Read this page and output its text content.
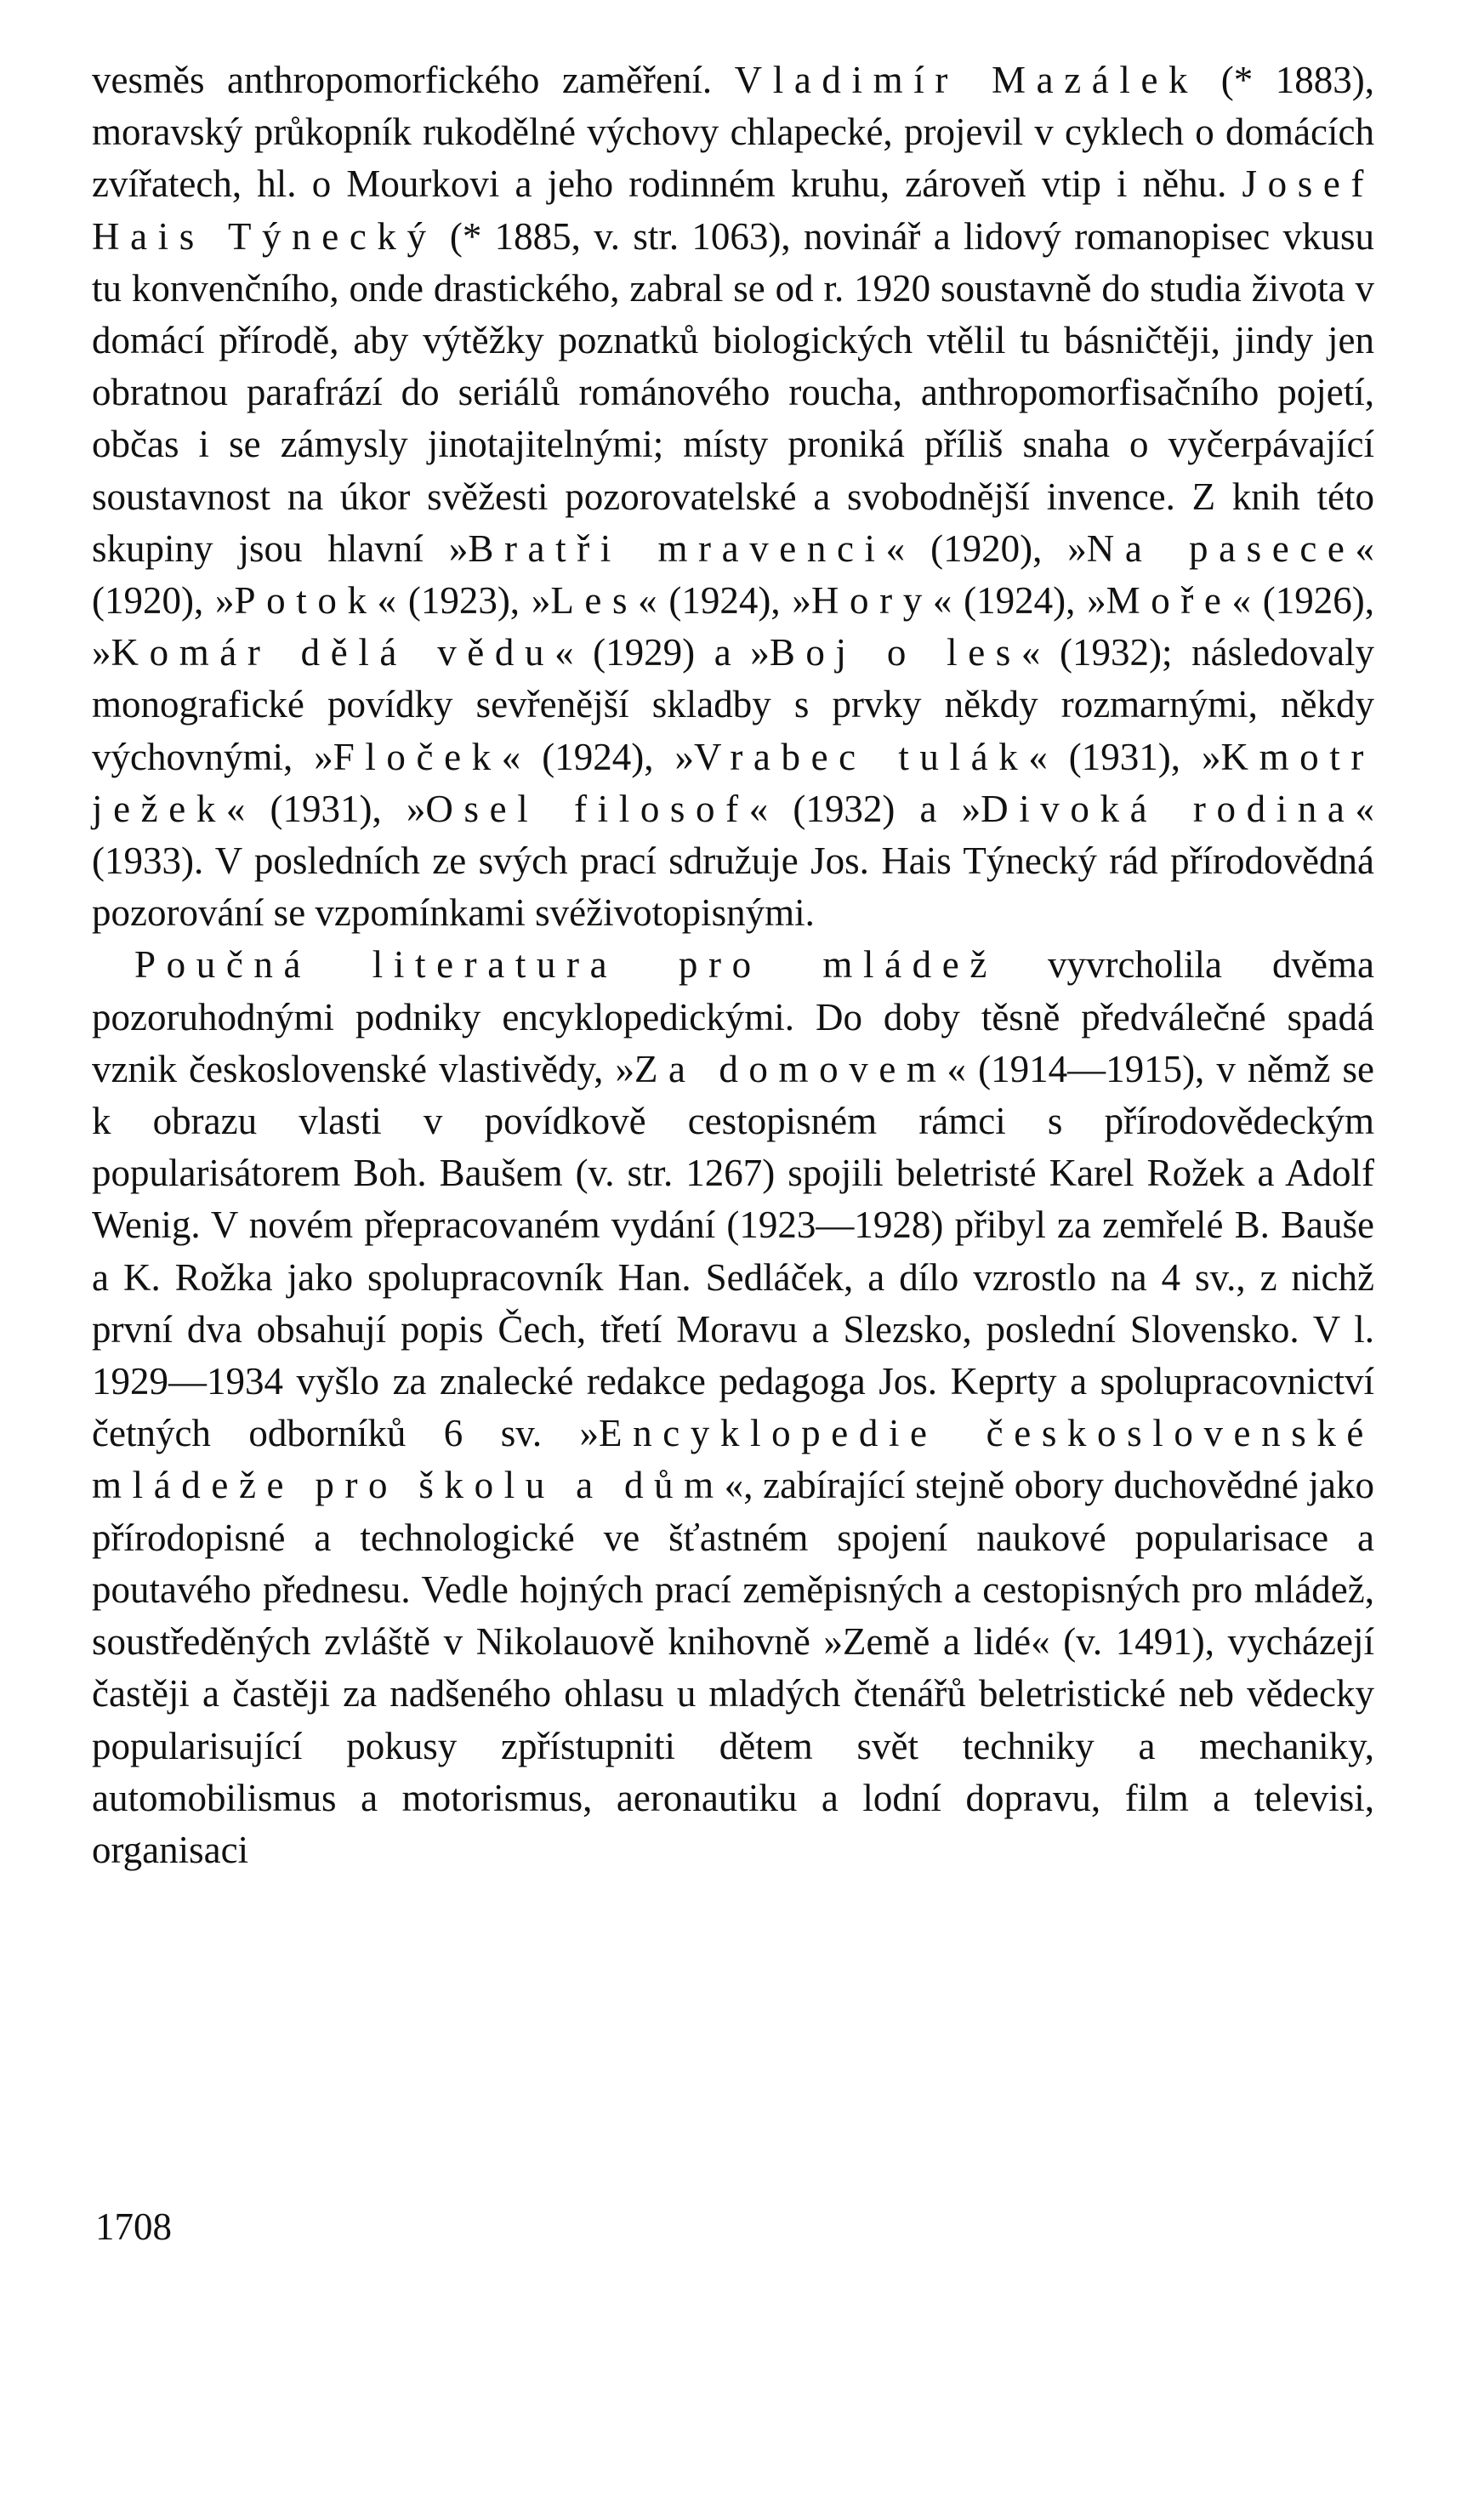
vesměs anthropomorfického zaměření. Vladimír Mazálek (* 1883), moravský průkopník rukodělné výchovy chlapecké, projevil v cyklech o domácích zvířatech, hl. o Mourkovi a jeho rodinném kruhu, zároveň vtip i něhu. Josef Hais Týnecký (* 1885, v. str. 1063), novinář a lidový romanopisec vkusu tu konvenčního, onde drastického, zabral se od r. 1920 soustavně do studia života v domácí přírodě, aby výtěžky poznatků biologických vtělil tu básničtěji, jindy jen obratnou parafrází do seriálů románového roucha, anthropomorfisačního pojetí, občas i se zámysly jinotajitelnými; místy proniká příliš snaha o vyčerpávající soustavnost na úkor svěžesti pozorovatelské a svobodnější invence. Z knih této skupiny jsou hlavní »Bratři mravenci« (1920), »Na pasece« (1920), »Potok« (1923), »Les« (1924), »Hory« (1924), »Moře« (1926), »Komár dělá vědu« (1929) a »Boj o les« (1932); následovaly monografické povídky sevřenější skladby s prvky někdy rozmarnými, někdy výchovnými, »Floček« (1924), »Vrabec tulák« (1931), »Kmotr ježek« (1931), »Osel filosof« (1932) a »Divoká rodina« (1933). V posledních ze svých prací sdružuje Jos. Hais Týnecký rád přírodovědná pozorování se vzpomínkami svéživotopisnými.

Poučná literatura pro mládež vyvrcholila dvěma pozoruhodnými podniky encyklopedickými. Do doby těsně předválečné spadá vznik československé vlastivědy, »Za domovem« (1914—1915), v němž se k obrazu vlasti v povídkově cestopisném rámci s přírodovědeckým popularisátorem Boh. Baušem (v. str. 1267) spojili beletristé Karel Rožek a Adolf Wenig. V novém přepracovaném vydání (1923—1928) přibyl za zemřelé B. Bauše a K. Rožka jako spolupracovník Han. Sedláček, a dílo vzrostlo na 4 sv., z nichž první dva obsahují popis Čech, třetí Moravu a Slezsko, poslední Slovensko. V l. 1929—1934 vyšlo za znalecké redakce pedagoga Jos. Keprty a spolupracovnictví četných odborníků 6 sv. »Encyklopedie československé mládeže pro školu a dům«, zabírající stejně obory duchovědné jako přírodopisné a technologické ve šťastném spojení naukové popularisace a poutavého přednesu. Vedle hojných prací zeměpisných a cestopisných pro mládež, soustředěných zvláště v Nikolauově knihovně »Země a lidé« (v. 1491), vycházejí častěji a častěji za nadšeného ohlasu u mladých čtenářů beletristické neb vědecky popularisující pokusy zpřístupniti dětem svět techniky a mechaniky, automobilismus a motorismus, aeronautiku a lodní dopravu, film a televisi, organisaci

1708
